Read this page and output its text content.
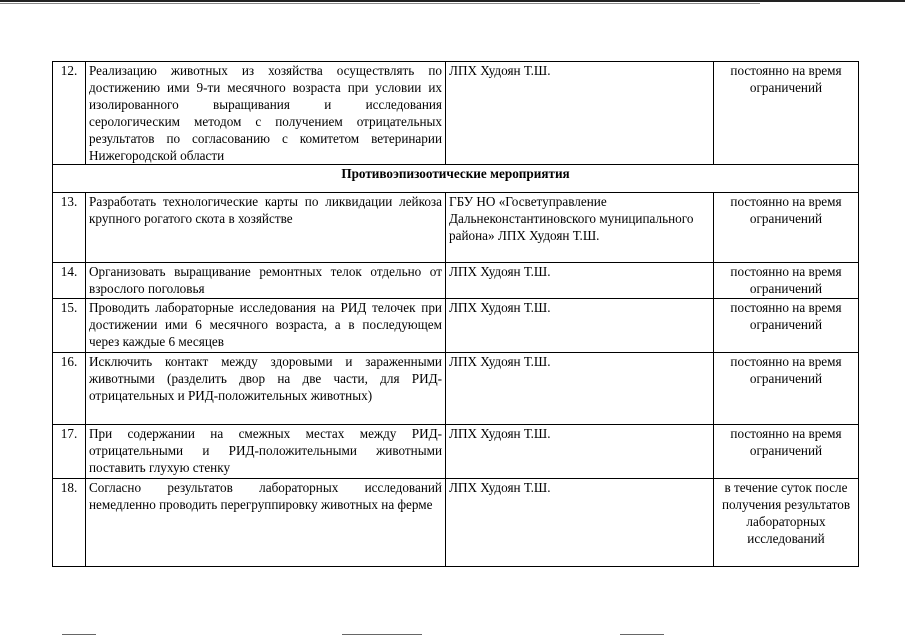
12.	Реализацию животных из хозяйства осуществлять по достижению ими 9-ти месячного возраста при условии их изолированного выращивания и исследования серологическим методом с получением отрицательных результатов по согласованию с комитетом ветеринарии Нижегородской области	ЛПХ Худоян Т.Ш.	постоянно на время ограничений
Противоэпизоотические мероприятия			
13.	Разработать технологические карты по ликвидации лейкоза крупного рогатого скота в хозяйстве	ГБУ НО «Госветуправление Дальнеконстантиновского муниципального района» ЛПХ Худоян Т.Ш.	постоянно на время ограничений
14.	Организовать выращивание ремонтных телок отдельно от взрослого поголовья	ЛПХ Худоян Т.Ш.	постоянно на время ограничений
15.	Проводить лабораторные исследования на РИД телочек при достижении ими 6 месячного возраста, а в последующем через каждые 6 месяцев	ЛПХ Худоян Т.Ш.	постоянно на время ограничений
16.	Исключить контакт между здоровыми и зараженными животными (разделить двор на две части, для РИД-отрицательных и РИД-положительных животных)	ЛПХ Худоян Т.Ш.	постоянно на время ограничений
17.	При содержании на смежных местах между РИД-отрицательными и РИД-положительными животными поставить глухую стенку	ЛПХ Худоян Т.Ш.	постоянно на время ограничений
18.	Согласно результатов лабораторных исследований немедленно проводить перегруппировку животных на ферме	ЛПХ Худоян Т.Ш.	в течение суток после получения результатов лабораторных исследований
